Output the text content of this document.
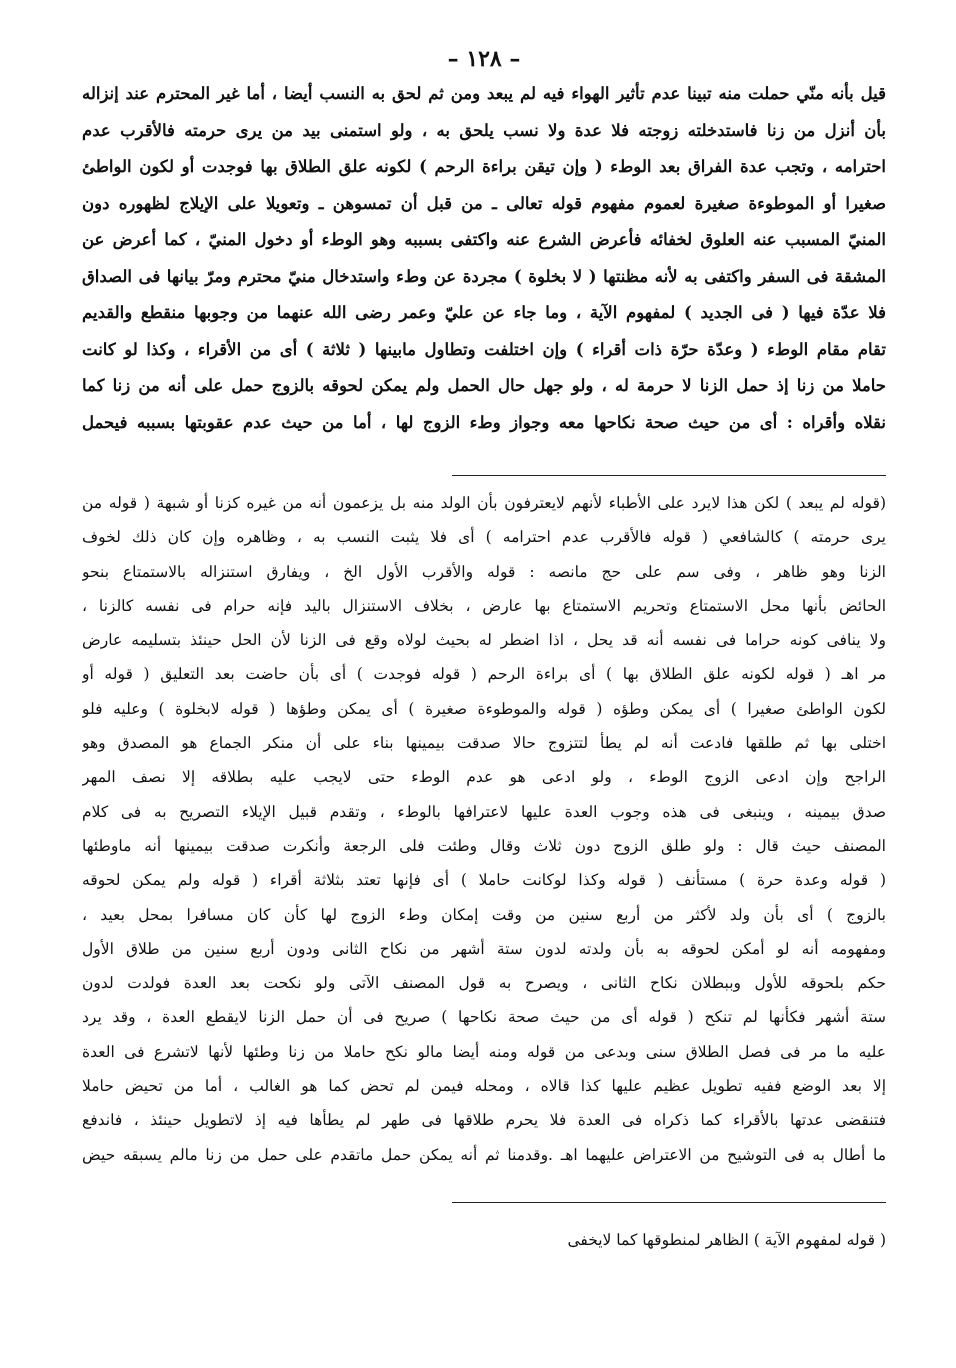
– ١٢٨ –
قيل بأنه منّي حملت منه تبينا عدم تأثير الهواء فيه لم يبعد ومن ثم لحق به النسب أيضا ، أما غير المحترم عند إنزاله
بأن أنزل من زنا فاستدخلته زوجته فلا عدة ولا نسب يلحق به ، ولو استمنى بيد من يرى حرمته فالأقرب عدم
احترامه ، وتجب عدة الفراق بعد الوطء ( وإن تيقن براءة الرحم ) لكونه علق الطلاق بها فوجدت أو لكون الواطئ
صغيرا أو الموطوءة صغيرة لعموم مفهوم قوله تعالى ـ من قبل أن تمسوهن ـ وتعويلا على الإيلاج لظهوره دون
المنيّ المسبب عنه العلوق لخفائه فأعرض الشرع عنه واكتفى بسببه وهو الوطء أو دخول المنيّ ، كما أعرض عن
المشقة فى السفر واكتفى به لأنه مظنتها ( لا بخلوة ) مجردة عن وطء واستدخال منيّ محترم ومرّ بيانها فى الصداق
فلا عدّة فيها ( فى الجديد ) لمفهوم الآية ، وما جاء عن عليّ وعمر رضى الله عنهما من وجوبها منقطع والقديم
تقام مقام الوطء ( وعدّة حرّة ذات أقراء ) وإن اختلفت وتطاول مابينها ( ثلاثة ) أى من الأقراء ، وكذا لو كانت
حاملا من زنا إذ حمل الزنا لا حرمة له ، ولو جهل حال الحمل ولم يمكن لحوقه بالزوج حمل على أنه من زنا كما
نقلاه وأقراه : أى من حيث صحة نكاحها معه وجواز وطء الزوج لها ، أما من حيث عدم عقوبتها بسببه فيحمل
(قوله لم يبعد ) لكن هذا لايرد على الأطباء لأنهم لايعترفون بأن الولد منه بل يزعمون أنه من غيره كزنا أو شبهة ( قوله من
يرى حرمته ) كالشافعي ( قوله فالأقرب عدم احترامه ) أى فلا يثبت النسب به ، وظاهره وإن كان ذلك لخوف
الزنا وهو ظاهر ، وفى سم على حج مانصه : قوله والأقرب الأول الخ ، ويفارق استنزاله بالاستمتاع بنحو
الحائض بأنها محل الاستمتاع وتحريم الاستمتاع بها عارض ، بخلاف الاستنزال باليد فإنه حرام فى نفسه كالزنا ،
ولا ينافى كونه حراما فى نفسه أنه قد يحل ، اذا اضطر له بحيث لولاه وقع فى الزنا لأن الحل حينئذ بتسليمه عارض
مر اهـ ( قوله لكونه علق الطلاق بها ) أى براءة الرحم ( قوله فوجدت ) أى بأن حاضت بعد التعليق ( قوله أو
لكون الواطئ صغيرا ) أى يمكن وطؤه ( قوله والموطوءة صغيرة ) أى يمكن وطؤها ( قوله لابخلوة ) وعليه فلو
اختلى بها ثم طلقها فادعت أنه لم يطأ لتتزوج حالا صدقت بيمينها بناء على أن منكر الجماع هو المصدق وهو
الراجح وإن ادعى الزوج الوطء ، ولو ادعى هو عدم الوطء حتى لايجب عليه بطلاقه إلا نصف المهر
صدق بيمينه ، وينبغى فى هذه وجوب العدة عليها لاعترافها بالوطء ، وتقدم قبيل الإيلاء التصريح به فى كلام
المصنف حيث قال : ولو طلق الزوج دون ثلاث وقال وطئت فلى الرجعة وأنكرت صدقت بيمينها أنه ماوطئها
( قوله وعدة حرة ) مستأنف ( قوله وكذا لوكانت حاملا ) أى فإنها تعتد بثلاثة أقراء ( قوله ولم يمكن لحوقه
بالزوج ) أى بأن ولد لأكثر من أربع سنين من وقت إمكان وطء الزوج لها كأن كان مسافرا بمحل بعيد ،
ومفهومه أنه لو أمكن لحوقه به بأن ولدته لدون ستة أشهر من نكاح الثانى ودون أربع سنين من طلاق الأول
حكم بلحوقه للأول وببطلان نكاح الثانى ، ويصرح به قول المصنف الآتى ولو نكحت بعد العدة فولدت لدون
ستة أشهر فكأنها لم تنكح ( قوله أى من حيث صحة نكاحها ) صريح فى أن حمل الزنا لايقطع العدة ، وقد يرد
عليه ما مر فى فصل الطلاق سنى وبدعى من قوله ومنه أيضا مالو نكح حاملا من زنا وطئها لأنها لاتشرع فى العدة
إلا بعد الوضع ففيه تطويل عظيم عليها كذا قالاه ، ومحله فيمن لم تحض كما هو الغالب ، أما من تحيض حاملا
فتنقضى عدتها بالأقراء كما ذكراه فى العدة فلا يحرم طلاقها فى طهر لم يطأها فيه إذ لاتطويل حينئذ ، فاندفع
ما أطال به فى التوشيح من الاعتراض عليهما اهـ .وقدمنا ثم أنه يمكن حمل ماتقدم على حمل من زنا مالم يسبقه حيض
( قوله لمفهوم الآية ) الظاهر لمنطوقها كما لايخفى
